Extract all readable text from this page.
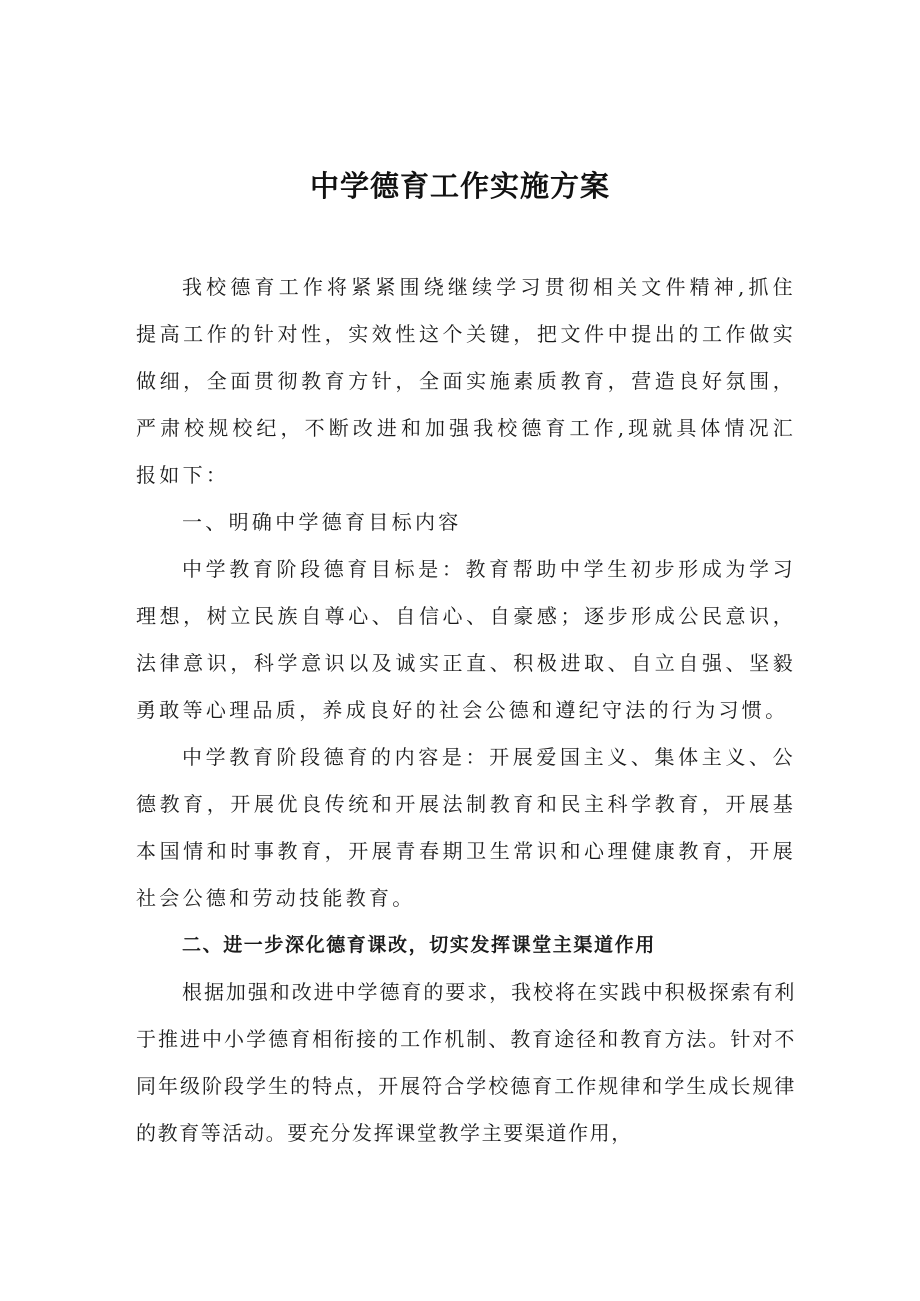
中学德育工作实施方案

我校德育工作将紧紧围绕继续学习贯彻相关文件精神,抓住提高工作的针对性，实效性这个关键，把文件中提出的工作做实做细，全面贯彻教育方针，全面实施素质教育，营造良好氛围，严肃校规校纪，不断改进和加强我校德育工作,现就具体情况汇报如下：

一、明确中学德育目标内容

中学教育阶段德育目标是：教育帮助中学生初步形成为学习理想，树立民族自尊心、自信心、自豪感；逐步形成公民意识，法律意识，科学意识以及诚实正直、积极进取、自立自强、坚毅勇敢等心理品质，养成良好的社会公德和遵纪守法的行为习惯。

中学教育阶段德育的内容是：开展爱国主义、集体主义、公德教育，开展优良传统和开展法制教育和民主科学教育，开展基本国情和时事教育，开展青春期卫生常识和心理健康教育，开展社会公德和劳动技能教育。

二、进一步深化德育课改，切实发挥课堂主渠道作用

根据加强和改进中学德育的要求，我校将在实践中积极探索有利于推进中小学德育相衔接的工作机制、教育途径和教育方法。针对不同年级阶段学生的特点，开展符合学校德育工作规律和学生成长规律的教育等活动。要充分发挥课堂教学主要渠道作用，
